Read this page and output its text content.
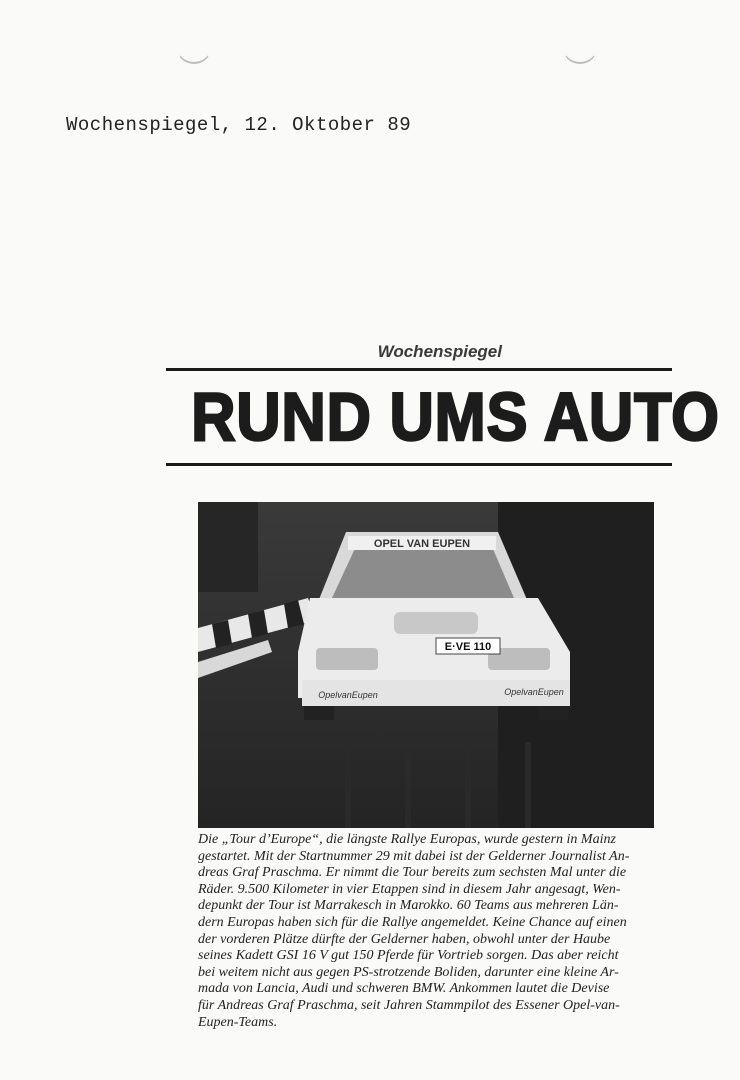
Wochenspiegel, 12. Oktober 89
Wochenspiegel
RUND UMS AUTO
OPEL VAN EUPEN
E·VE 110
OpelvanEupen	OpelvanEupen
Die „Tour d’Europe“, die längste Rallye Europas, wurde gestern in Mainz
gestartet. Mit der Startnummer 29 mit dabei ist der Gelderner Journalist An-
dreas Graf Praschma. Er nimmt die Tour bereits zum sechsten Mal unter die
Räder. 9.500 Kilometer in vier Etappen sind in diesem Jahr angesagt, Wen-
depunkt der Tour ist Marrakesch in Marokko. 60 Teams aus mehreren Län-
dern Europas haben sich für die Rallye angemeldet. Keine Chance auf einen
der vorderen Plätze dürfte der Gelderner haben, obwohl unter der Haube
seines Kadett GSI 16 V gut 150 Pferde für Vortrieb sorgen. Das aber reicht
bei weitem nicht aus gegen PS-strotzende Boliden, darunter eine kleine Ar-
mada von Lancia, Audi und schweren BMW. Ankommen lautet die Devise
für Andreas Graf Praschma, seit Jahren Stammpilot des Essener Opel-van-
Eupen-Teams.
